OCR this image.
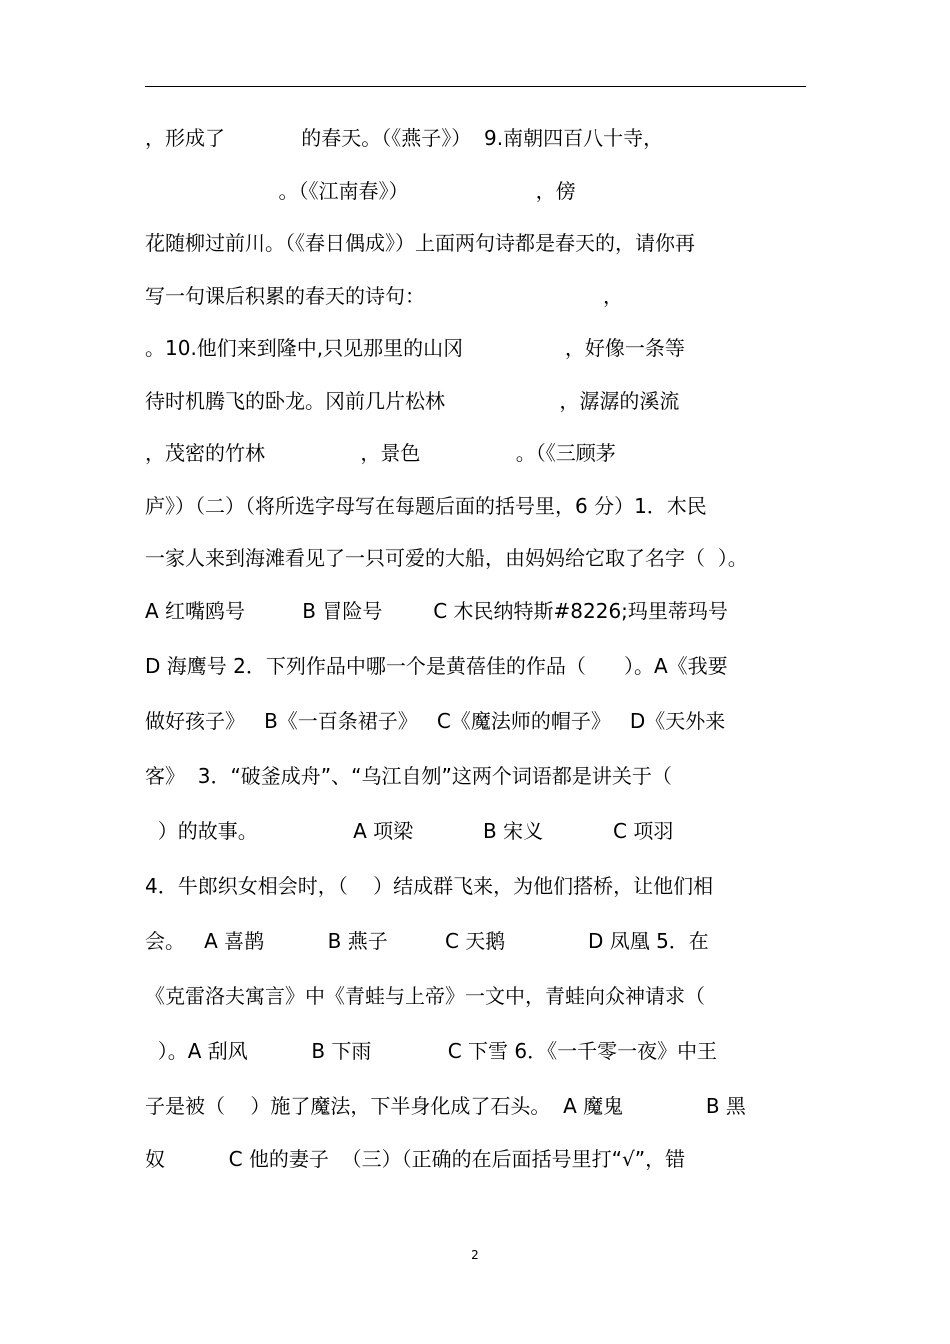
，形成了            的春天。（《燕子》）  9.南朝四百八十寺，
。（《江南春》）                    ，傍
花随柳过前川。（《春日偶成》）上面两句诗都是春天的，请你再
写一句课后积累的春天的诗句：                            ，
。10.他们来到隆中,只见那里的山冈                ，好像一条等
待时机腾飞的卧龙。冈前几片松林                  ，潺潺的溪流
，茂密的竹林               ，景色               。（《三顾茅
庐》）（二）（将所选字母写在每题后面的括号里，6 分）1．木民
一家人来到海滩看见了一只可爱的大船，由妈妈给它取了名字（  ）。
A 红嘴鸥号         B 冒险号        C 木民纳特斯#8226;玛里蒂玛号
D 海鹰号 2．下列作品中哪一个是黄蓓佳的作品（      ）。A《我要
做好孩子》   B《一百条裙子》   C《魔法师的帽子》   D《天外来
客》  3．“破釜成舟”、“乌江自刎”这两个词语都是讲关于（
）的故事。               A 项梁           B 宋义           C 项羽
4．牛郎织女相会时，（    ）结成群飞来，为他们搭桥，让他们相
会。   A 喜鹊          B 燕子         C 天鹅             D 凤凰 5．在
《克雷洛夫寓言》中《青蛙与上帝》一文中，青蛙向众神请求（
）。A 刮风          B 下雨            C 下雪 6．《一千零一夜》中王
子是被（    ）施了魔法，下半身化成了石头。  A 魔鬼             B 黑
奴          C 他的妻子  （三）（正确的在后面括号里打“√”，错
2
